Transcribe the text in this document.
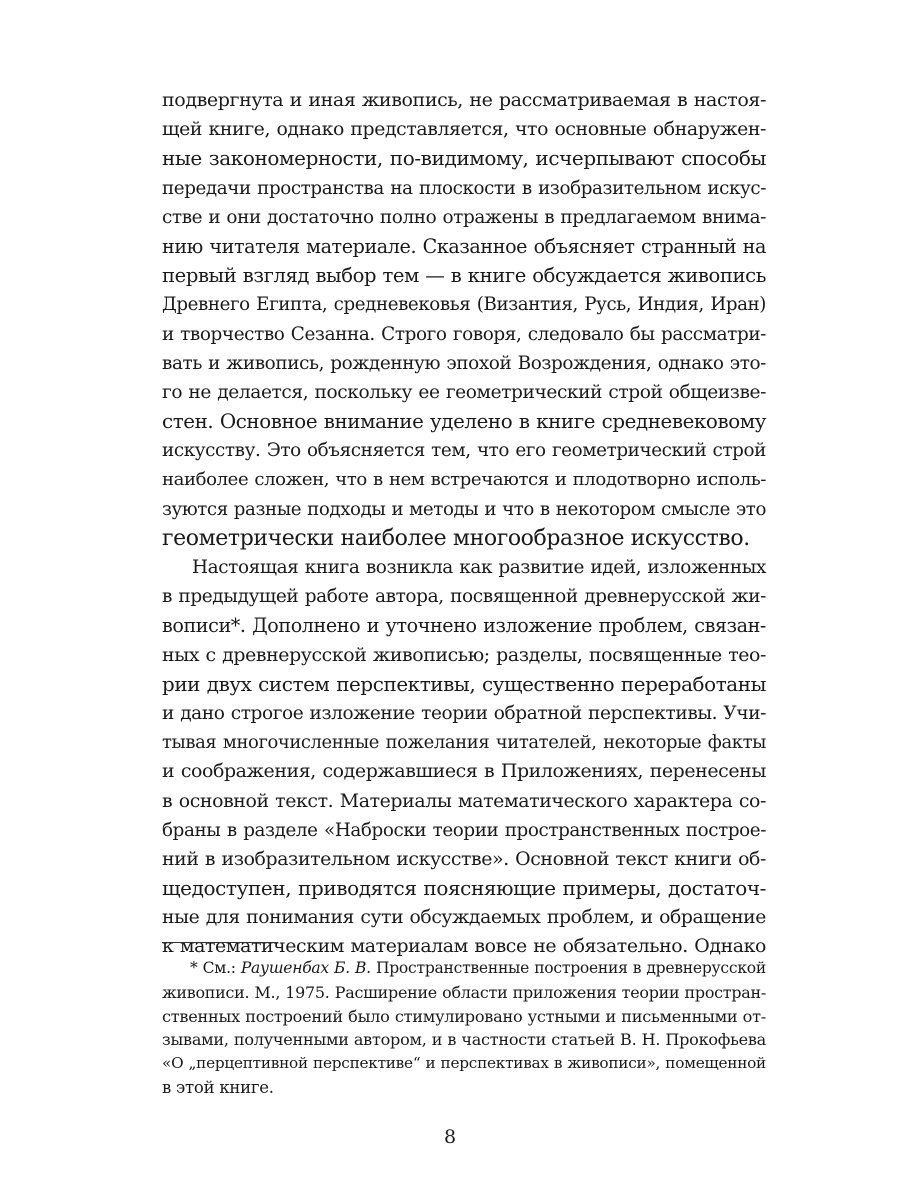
подвергнута и иная живопись, не рассматриваемая в настоя-
щей книге, однако представляется, что основные обнаружен-
ные закономерности, по-видимому, исчерпывают способы
передачи пространства на плоскости в изобразительном искус-
стве и они достаточно полно отражены в предлагаемом внима-
нию читателя материале. Сказанное объясняет странный на
первый взгляд выбор тем — в книге обсуждается живопись
Древнего Египта, средневековья (Византия, Русь, Индия, Иран)
и творчество Сезанна. Строго говоря, следовало бы рассматри-
вать и живопись, рожденную эпохой Возрождения, однако это-
го не делается, поскольку ее геометрический строй общеизве-
стен. Основное внимание уделено в книге средневековому
искусству. Это объясняется тем, что его геометрический строй
наиболее сложен, что в нем встречаются и плодотворно исполь-
зуются разные подходы и методы и что в некотором смысле это
геометрически наиболее многообразное искусство.
Настоящая книга возникла как развитие идей, изложенных
в предыдущей работе автора, посвященной древнерусской жи-
вописи*. Дополнено и уточнено изложение проблем, связан-
ных с древнерусской живописью; разделы, посвященные тео-
рии двух систем перспективы, существенно переработаны
и дано строгое изложение теории обратной перспективы. Учи-
тывая многочисленные пожелания читателей, некоторые факты
и соображения, содержавшиеся в Приложениях, перенесены
в основной текст. Материалы математического характера со-
браны в разделе «Наброски теории пространственных построе-
ний в изобразительном искусстве». Основной текст книги об-
щедоступен, приводятся поясняющие примеры, достаточ-
ные для понимания сути обсуждаемых проблем, и обращение
к математическим материалам вовсе не обязательно. Однако
* См.: Раушенбах Б. В. Пространственные построения в древнерусской
живописи. М., 1975. Расширение области приложения теории простран-
ственных построений было стимулировано устными и письменными от-
зывами, полученными автором, и в частности статьей В. Н. Прокофьева
«О „перцептивной перспективе“ и перспективах в живописи», помещенной
в этой книге.
8
